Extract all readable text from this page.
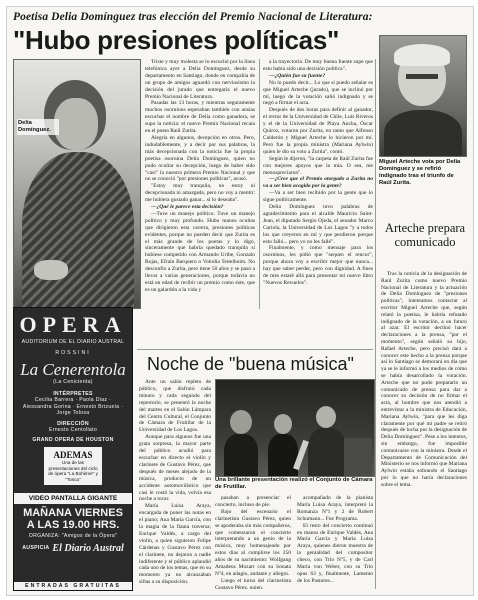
Poetisa Delia Domínguez tras elección del Premio Nacional de Literatura:
"Hubo presiones políticas"
Delia Domínguez.

Triste y muy molesta se lo escuchó por la línea telefónica ayer a Delia Domínguez, desde su departamento en Santiago, donde en compañía de un grupo de amigos aguardó con nerviosismo la decisión del jurado que entregaría el nuevo Premio Nacional de Literatura.

Pasadas las 13 horas, y mientras seguramente muchos osorninos esperaban también con ansias escuchar el nombre de Delia como ganadora, se supo la noticia: el nuevo Premio Nacional recaía en el poeta Raúl Zurita.

Alegría en algunos, decepción en otros. Pero, indudablemente, y a decir por sus palabras, la más decepcionada con la noticia fue la propia poetisa osornina Delia Domínguez, quien no pudo ocultar su decepción, luego de haber sido "casi" la nuestra primera Premio Nacional y que no se conoció "por presiones políticas", acusó.

"Estoy muy tranquila, no estoy ni decepcionada ni amargada, pero no voy a mentir: me hubiera gustado ganar... si lo deseaba".

—¿Qué le parece esta decisión?

—Tuve un manejo político. Tuve un manejo político y muy profundo. Hubo manos ocultas que dirigieron esta carrera, presiones políticas evidentes, porque no pueden decir que Zurita es el más grande de los poetas y lo digo, sinceramente que habría quedado tranquila si hubiese competido con Armando Uribe, Gonzalo Rojas, Efraín Barquero o Volodia Teitelboim. No desconfío a Zurita, pero tiene 50 años y se pasó a llevar a varias generaciones, porque todavía no está en edad de recibir un premio como éste, que es un galardón a la vida y

a la trayectoria. De muy buena fuente supe que esto había sido una decisión política".

—¿Quién fue su fuente?

No lo puedo decir... Lo que sí puedo señalar es que Miguel Arteche (jurado), que se inclinó por mí, luego de la votación salió indignado y se negó a firmar el acta.

Después de dos horas para definir al ganador, el rector de la Universidad de Chile, Luis Riveros y el de la Universidad de Playa Ancha, Óscar Quiroz, votaron por Zurita, en tanto que Alfonso Calderón y Miguel Arteche lo hicieron por mí. Pero fue la propia ministra (Mariana Aylwin) quien le dio su voto a Zurita", contó.

Según le dijeron, "la carpeta de Raúl Zurita fue con mejores apoyos que la mía. O sea, me menospreciaron".

—¿Cree que el Premio otorgado a Zurita no va a ser bien acogido por la gente?

—Va a ser bien recibido por la gente que lo sigue políticamente.

Delia Domínguez tuvo palabras de agradecimiento para el alcalde Mauricio Saint-Jean, el diputado Sergio Ojeda, el senador Marco Cariola, la Universidad de Los Lagos "y a todos los que creyeron en mí y que perdieron porque esto falló... pero yo no les fallé".

Finalmente, y como mensaje para los osorninos, les pidió que "sequen el rencor", porque ahora voy a escribir mejor que nunca... hay que saber perder, pero con dignidad. A fines de mes estaré allá para presentar mi nuevo libro "Nuevos Revuelos".

Miguel Arteche vota por Delia Domínguez y se refirió indignado tras el triunfo de Raúl Zurita.
Arteche prepara comunicado
Tras la noticia de la designación de Raúl Zurita como nuevo Premio Nacional de Literatura y la actuación de Delia Domínguez de "presiones políticas", intentamos contactar al escritor Miguel Arteche que, según relató la poetisa, le habría refutado indignado de la votación, a un futuro al azar. El escritor declinó hacer declaraciones a la prensa, "por el momento", según señaló su hijo, Rafael Arteche, pero precisó dará a conocer este hecho a la prensa porque así lo Santiago se demorará en día que ya se le informó a los medios de cómo se había desarrollado la votación. Arteche que no pudo prepararlo un comunicado de prensa para dar a conocer su decisión de no firmar el acta, al hombre que nos atendió a entrevistar a la ministra de Educación, Mariana Aylwin, "para que les diga claramente por qué mi padre se retiró después de lucha por la designación de Delia Domínguez". Pese a los intentos, sin embargo, fue imposible comunicarse con la ministra. Desde el Departamento de Comunicación del Ministerio se nos informó que Mariana Aylwin estaba sobrando el Santiago por lo que no haría declaraciones sobre el tema.
OPERA
AUDITORIUM DE EL DIARIO AUSTRAL
ROSSINI
La Cenerentola
(La Cenicienta)
INTÉRPRETES
Cecilia Barrera · Paola Diaz · Alessandra Gorina · Ernesto Brizuela · Jorge Tolosa
DIRECCIÓN
Ernesto Centollato
GRAND OPERA DE HOUSTON
ADEMAS
Una de las presentaciones del ciclo de ópera "La Bohème" y "Tosca"
VIDEO PANTALLA GIGANTE
MAÑANA VIERNES A LAS 19.00 HRS.
ORGANIZA: "Amigos de la Ópera"
AUSPICIA El Diario Austral
ENTRADAS GRATUITAS
Noche de "buena música"

Ante un salón repleto de público, que disfrutó cada minuto y cada segundo del repertorio, se presentó la noche del martes en el Salón Lámpara del Centro Cultural, el Conjunto de Cámara de Frutillar de la Universidad de Los Lagos.

Aunque para algunos fue una grata sorpresa, la mayor parte del público acudió para escuchar en directo el violín y clarinete de Gustavo Pérez, que después de meses alejado de la música, producto de un accidente automovilístico que casi le costó la vida, volvía esa noche a tocar.

María Luisa Araya, encargada de poner las notas en el piano; Ana María García, con la magia de la flauta traversa; Enrique Valdés, a cargo del violín, a quien siguieron Felipe Cárdenas y Gustavo Pérez con el clarinete, no dejaron a nadie indiferente y el público aplaudió cada uno de los temas, que en su momento ya no alcanzaban sillas a su disposición.

Una brillante presentación realizó el Conjunto de Cámara de Frutillar.

pasaban a presenciar el concierto, incluso de pie.

Bajo del escenario el clarinetista Gustavo Pérez, quien se apoderaba sin más compañeros, que comenzaron el concierto interpretando a un genio de la música, muy homenajeado por estos días al cumplirse los 250 años de su nacimiento: Wolfgang Amadeus Mozart con su Sonata Nº4, en adagio, andante y allegro.

Luego el turno del clarinetista Gustavo Pérez, quien,

acompañado de la pianista María Luisa Araya, interpretó la Romanza Nº1 y 2 de Robert Schumann... Fue Programa.

El resto del concierto continuó en manos de Enrique Valdés, Ana María García y María Luisa Araya, quienes dieron muestra de la genialidad del compositor checo, con Trío Nº5, y de Carl Maria von Weber, con su Trío opus 63 y, finalmente, Lamento de los Pastores...
